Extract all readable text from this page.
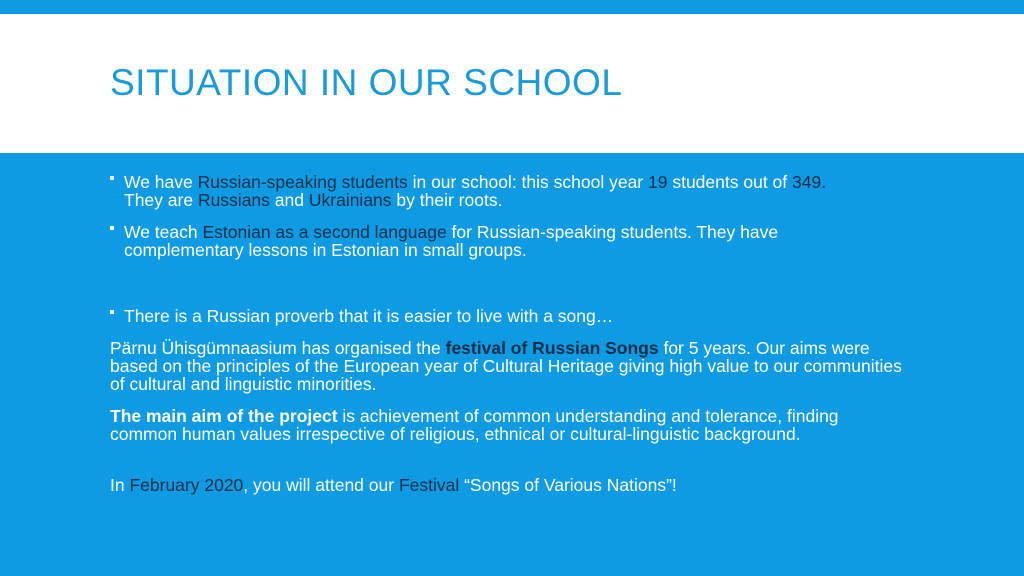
SITUATION IN OUR SCHOOL
We have Russian-speaking students in our school: this school year 19 students out of 349.
They are Russians and Ukrainians by their roots.
We teach Estonian as a second language for Russian-speaking students. They have complementary lessons in Estonian in small groups.
There is a Russian proverb that it is easier to live with a song…
Pärnu Ühisgümnaasium has organised the festival of Russian Songs for 5 years. Our aims were based on the principles of the European year of Cultural Heritage giving high value to our communities of cultural and linguistic minorities.
The main aim of the project is achievement of common understanding and tolerance, finding common human values irrespective of religious, ethnical or cultural-linguistic background.
In February 2020, you will attend our Festival “Songs of Various Nations”!
